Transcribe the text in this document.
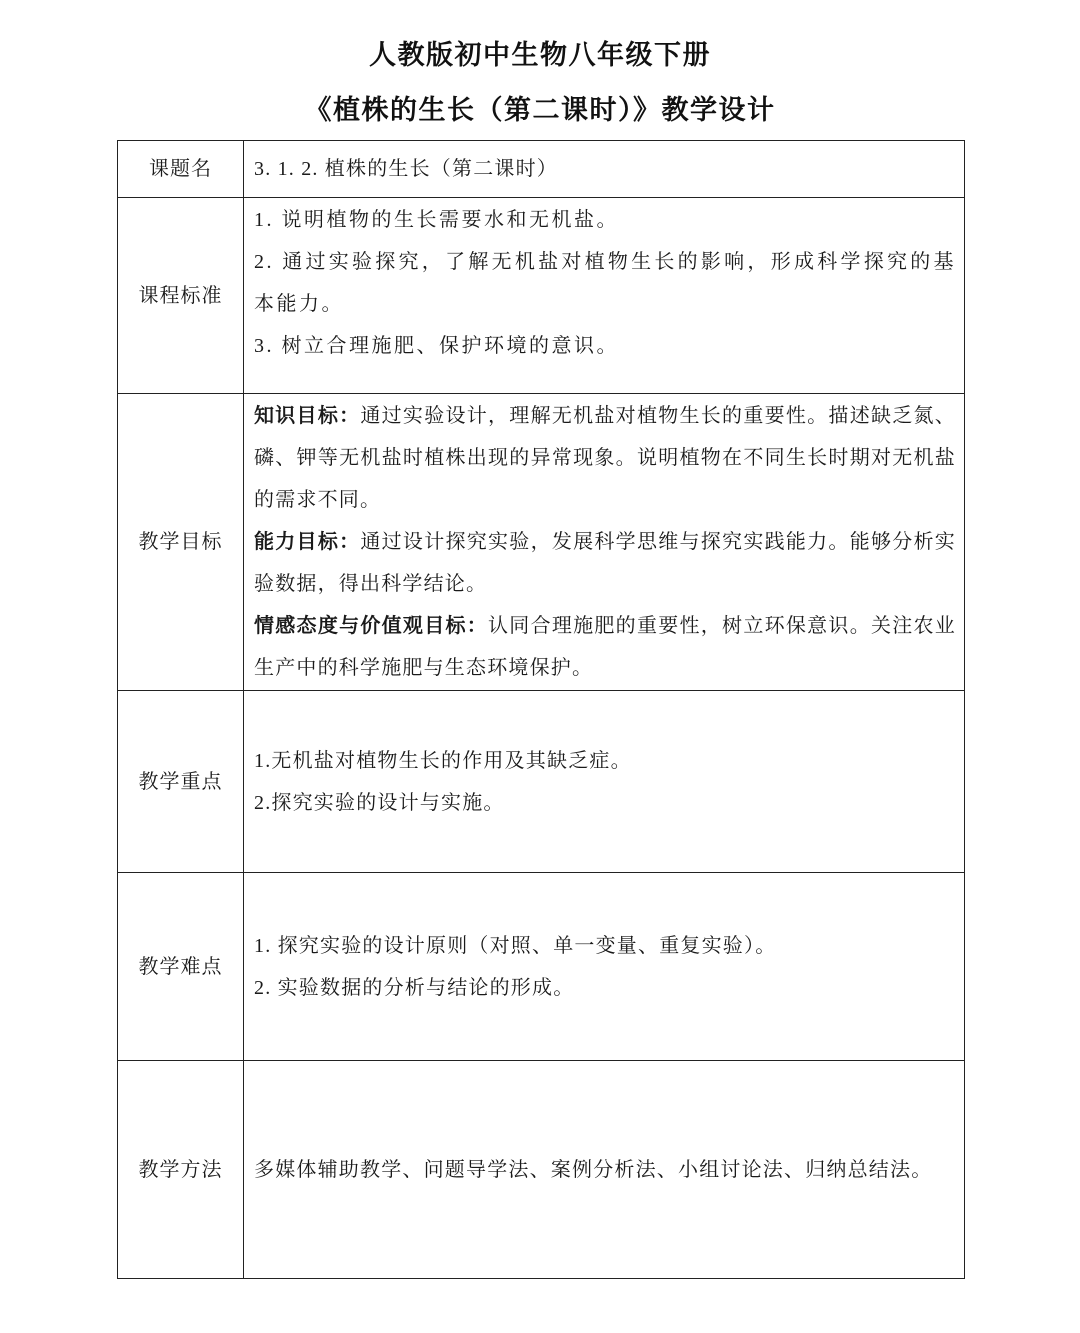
人教版初中生物八年级下册
《植株的生长（第二课时）》教学设计
课题名	3. 1. 2. 植株的生长（第二课时）

课程标准	1. 说明植物的生长需要水和无机盐。

2. 通过实验探究，了解无机盐对植物生长的影响，形成科学探究的基本能力。

3. 树立合理施肥、保护环境的意识。

教学目标	知识目标：通过实验设计，理解无机盐对植物生长的重要性。描述缺乏氮、磷、钾等无机盐时植株出现的异常现象。说明植物在不同生长时期对无机盐的需求不同。

能力目标：通过设计探究实验，发展科学思维与探究实践能力。能够分析实验数据，得出科学结论。

情感态度与价值观目标：认同合理施肥的重要性，树立环保意识。关注农业生产中的科学施肥与生态环境保护。

教学重点	1.无机盐对植物生长的作用及其缺乏症。

2.探究实验的设计与实施。

教学难点	1. 探究实验的设计原则（对照、单一变量、重复实验）。

2. 实验数据的分析与结论的形成。

教学方法	多媒体辅助教学、问题导学法、案例分析法、小组讨论法、归纳总结法。
